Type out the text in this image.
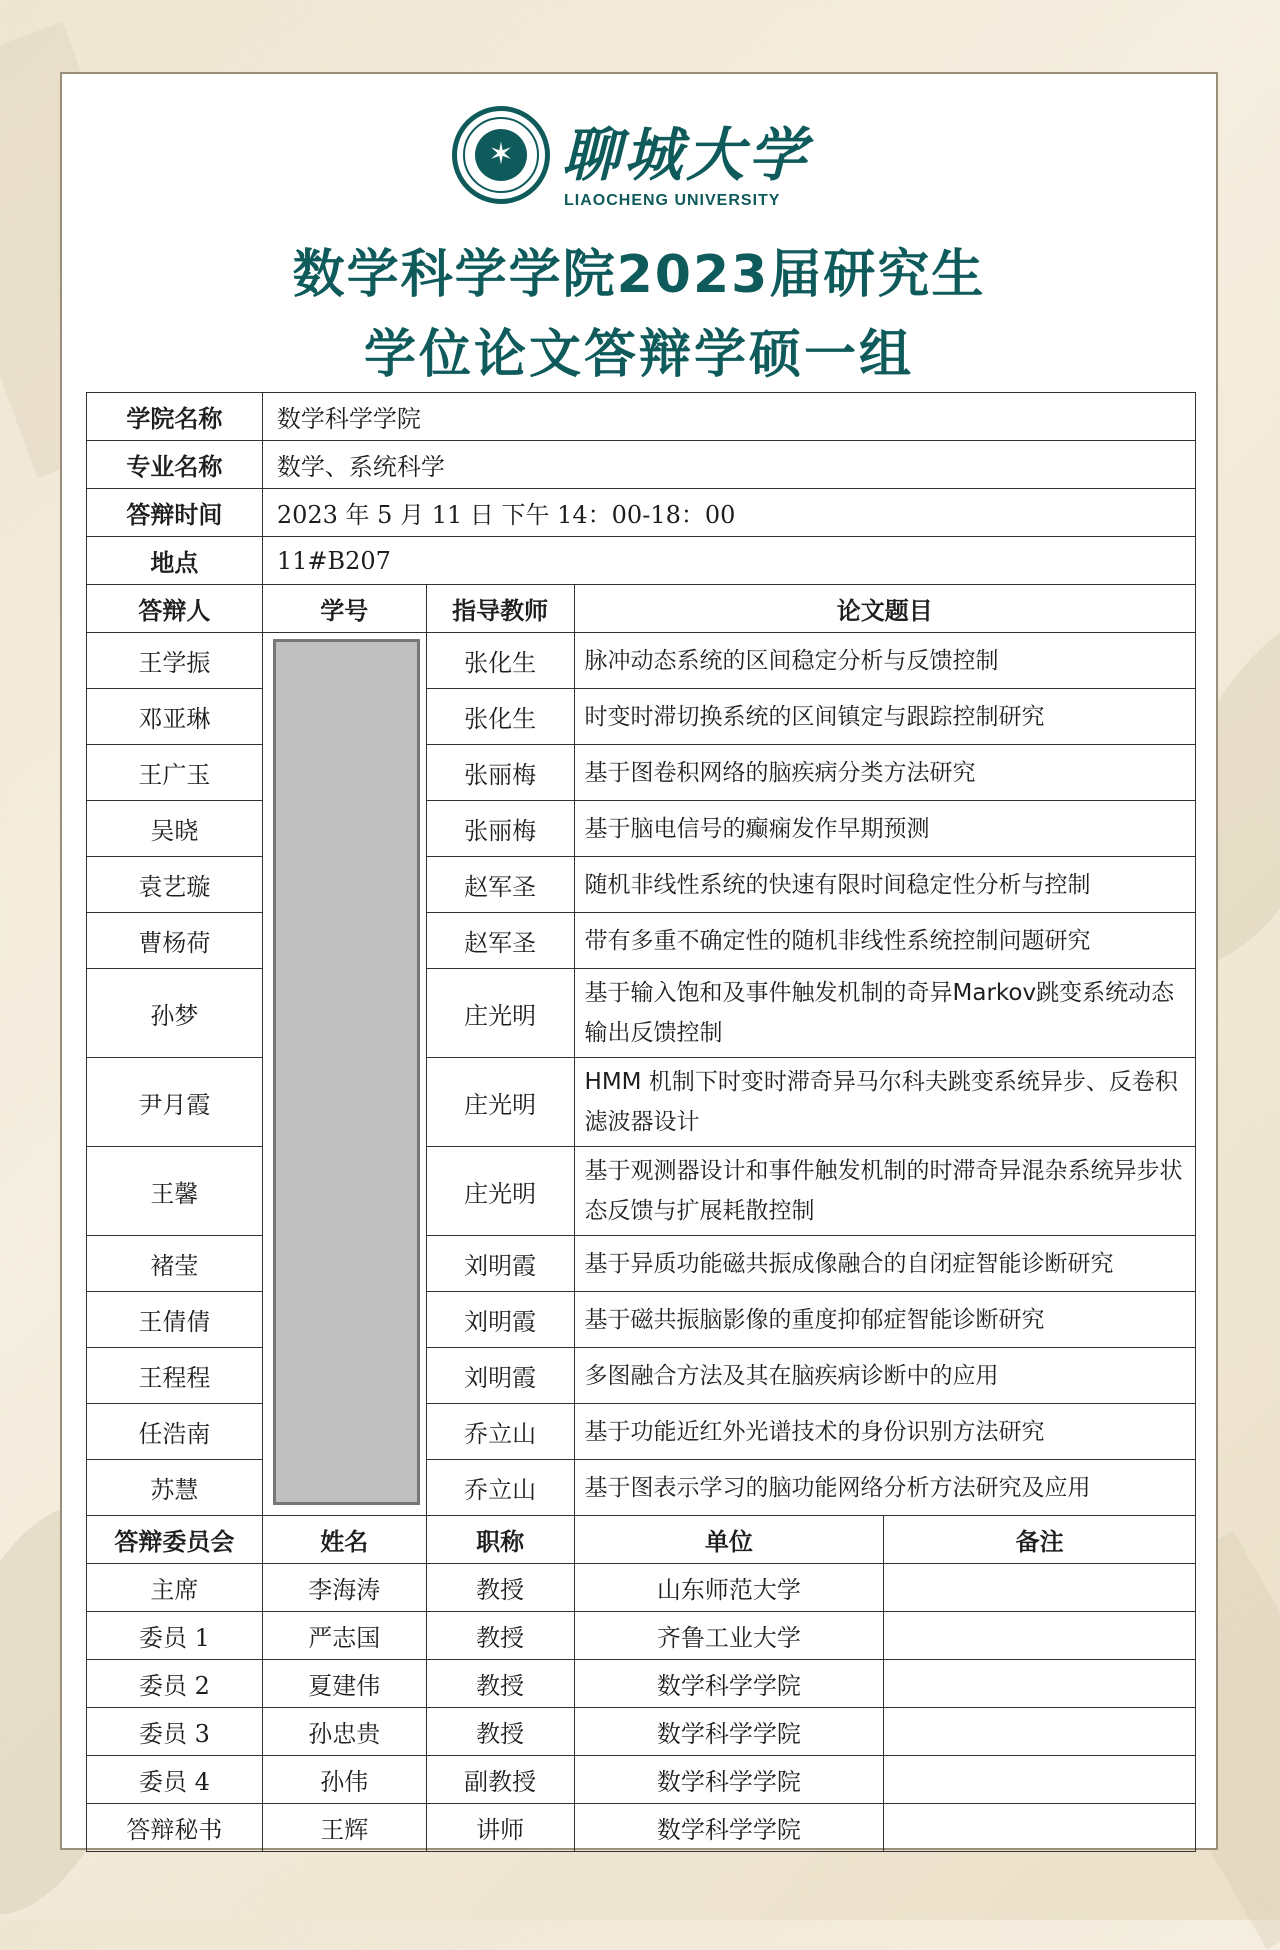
✶ 聊城大学
LIAOCHENG UNIVERSITY
数学科学学院2023届研究生
学位论文答辩学硕一组
学院名称	数学科学学院			
专业名称	数学、系统科学			
答辩时间	2023 年 5 月 11 日 下午 14：00-18：00			
地点	11#B207			
答辩人	学号	指导教师	论文题目	
王学振		张化生	脉冲动态系统的区间稳定分析与反馈控制	
邓亚琳		张化生	时变时滞切换系统的区间镇定与跟踪控制研究	
王广玉		张丽梅	基于图卷积网络的脑疾病分类方法研究	
吴晓		张丽梅	基于脑电信号的癫痫发作早期预测	
袁艺璇		赵军圣	随机非线性系统的快速有限时间稳定性分析与控制	
曹杨荷		赵军圣	带有多重不确定性的随机非线性系统控制问题研究	
孙梦		庄光明	基于输入饱和及事件触发机制的奇异Markov跳变系统动态输出反馈控制	
尹月霞		庄光明	HMM 机制下时变时滞奇异马尔科夫跳变系统异步、反卷积滤波器设计	
王馨		庄光明	基于观测器设计和事件触发机制的时滞奇异混杂系统异步状态反馈与扩展耗散控制	
褚莹		刘明霞	基于异质功能磁共振成像融合的自闭症智能诊断研究	
王倩倩		刘明霞	基于磁共振脑影像的重度抑郁症智能诊断研究	
王程程		刘明霞	多图融合方法及其在脑疾病诊断中的应用	
任浩南		乔立山	基于功能近红外光谱技术的身份识别方法研究	
苏慧		乔立山	基于图表示学习的脑功能网络分析方法研究及应用	
答辩委员会	姓名	职称	单位	备注
主席	李海涛	教授	山东师范大学	
委员 1	严志国	教授	齐鲁工业大学	
委员 2	夏建伟	教授	数学科学学院	
委员 3	孙忠贵	教授	数学科学学院	
委员 4	孙伟	副教授	数学科学学院	
答辩秘书	王辉	讲师	数学科学学院	
